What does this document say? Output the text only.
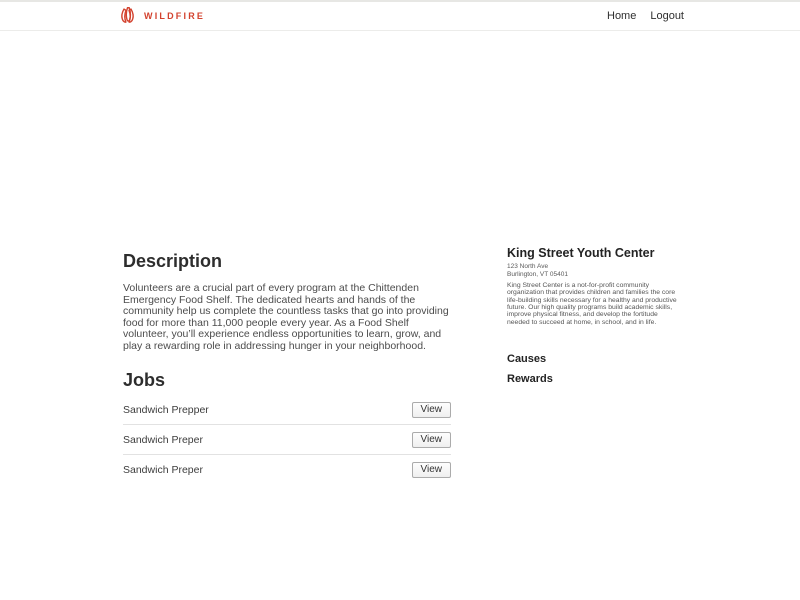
WILDFIRE	Home Logout
Description

Volunteers are a crucial part of every program at the Chittenden Emergency Food Shelf. The dedicated hearts and hands of the community help us complete the countless tasks that go into providing food for more than 11,000 people every year. As a Food Shelf volunteer, you’ll experience endless opportunities to learn, grow, and play a rewarding role in addressing hunger in your neighborhood.

Jobs
Sandwich Prepper	View
Sandwich Preper	View
Sandwich Preper	View
King Street Youth Center
123 North Ave
Burlington, VT 05401

King Street Center is a not-for-profit community organization that provides children and families the core life-building skills necessary for a healthy and productive future. Our high quality programs build academic skills, improve physical fitness, and develop the fortitude needed to succeed at home, in school, and in life.

Causes
Rewards
